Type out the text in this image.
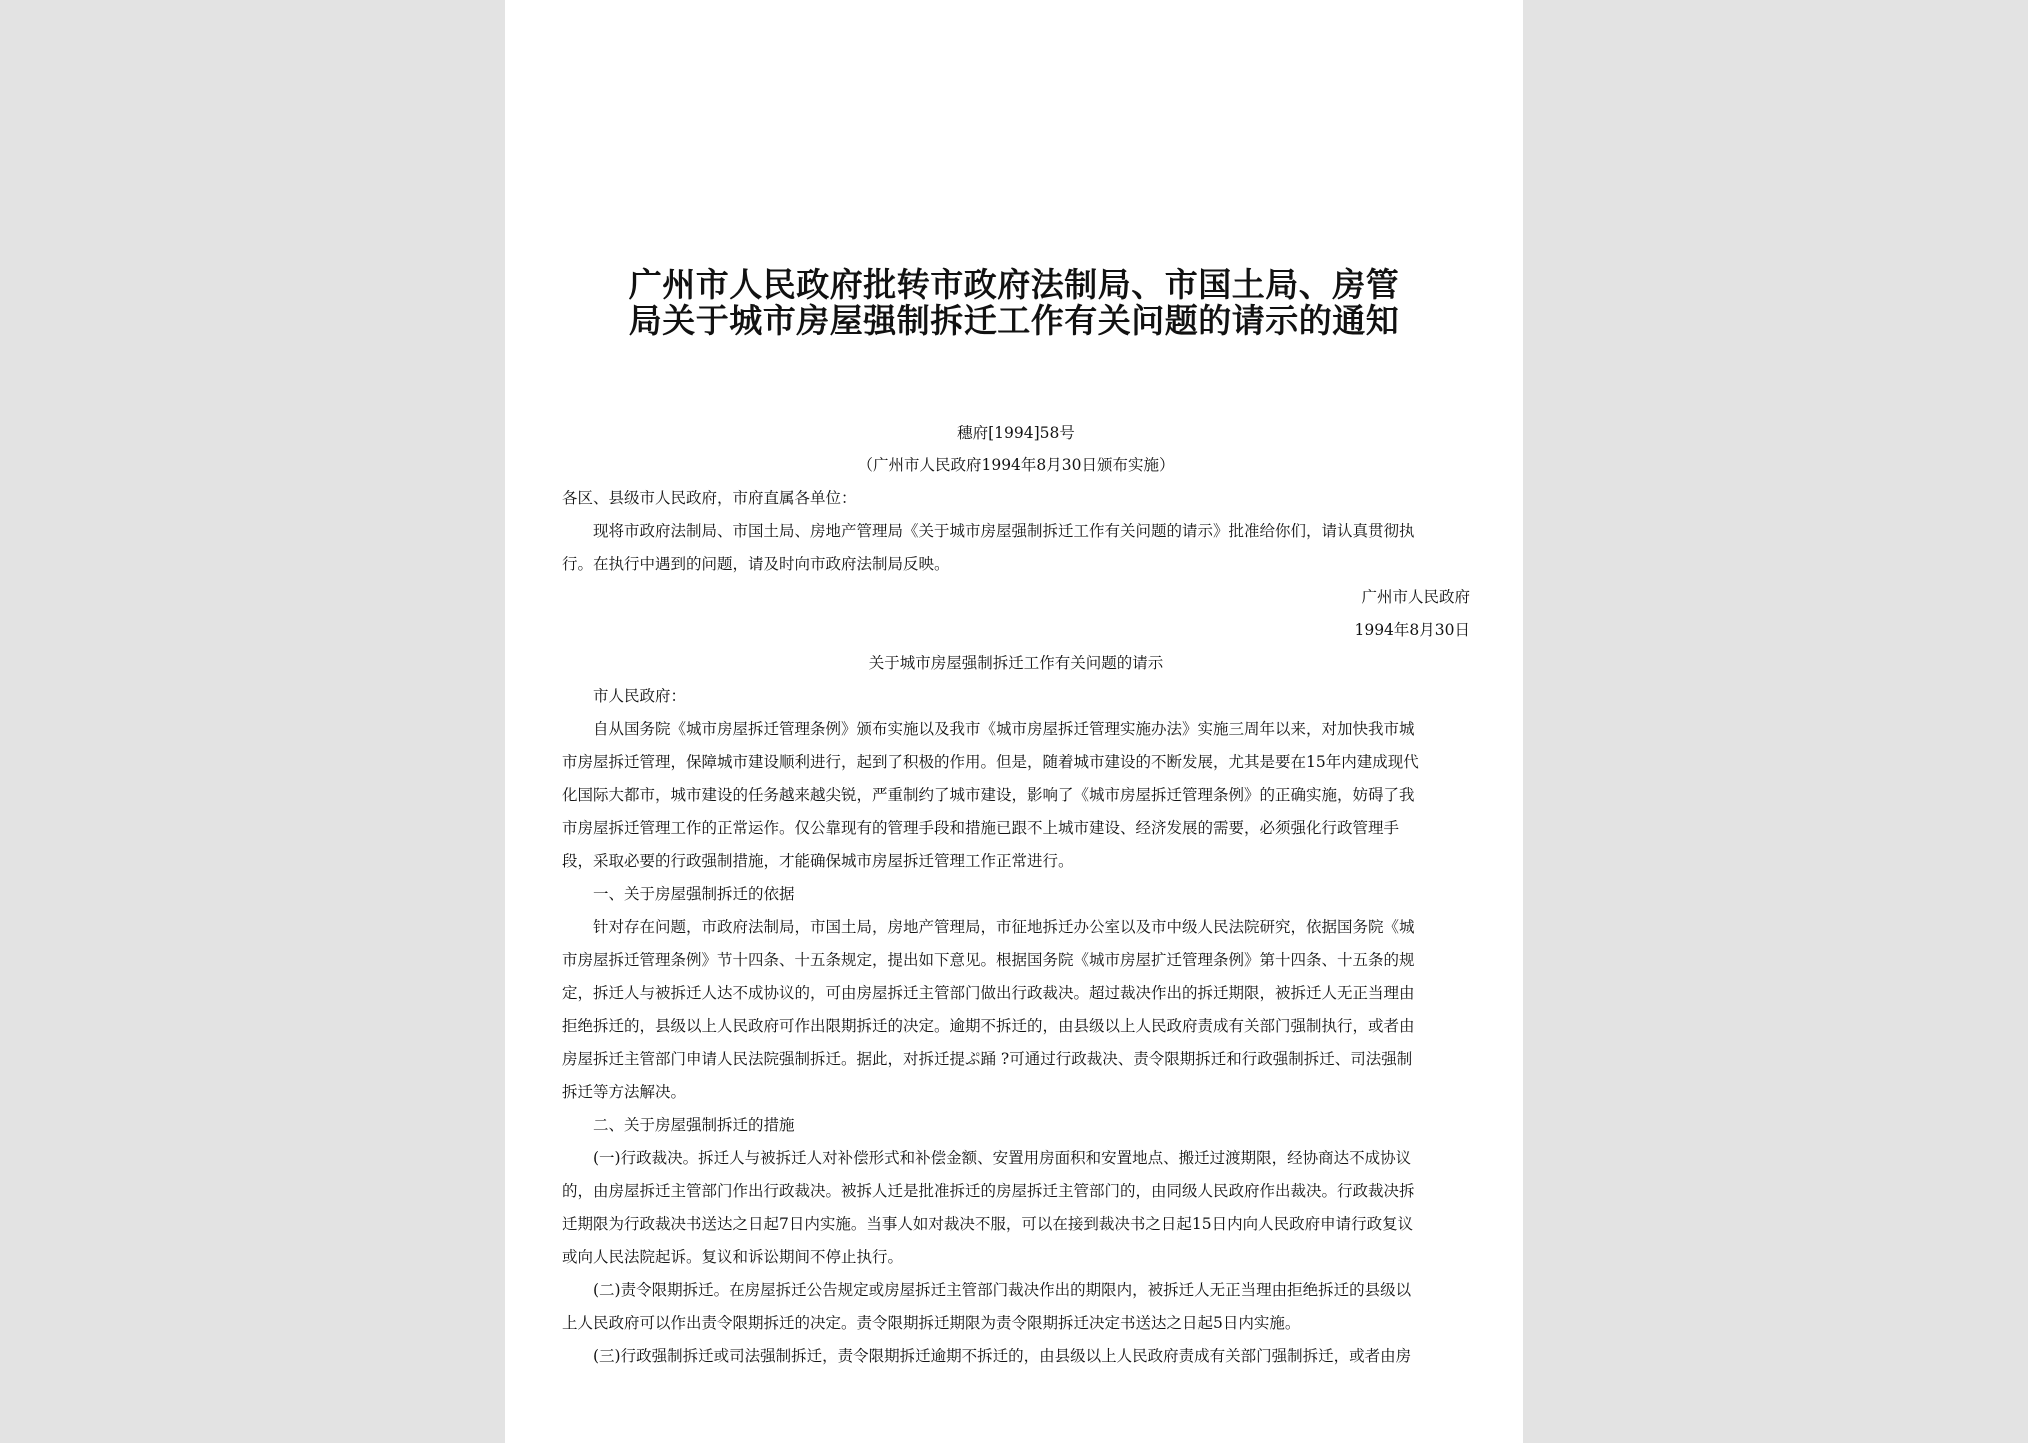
广州市人民政府批转市政府法制局、市国土局、房管
局关于城市房屋强制拆迁工作有关问题的请示的通知
穗府[1994]58号
（广州市人民政府1994年8月30日颁布实施）
各区、县级市人民政府，市府直属各单位：
现将市政府法制局、市国土局、房地产管理局《关于城市房屋强制拆迁工作有关问题的请示》批准给你们，请认真贯彻执
行。在执行中遇到的问题，请及时向市政府法制局反映。
广州市人民政府
1994年8月30日
关于城市房屋强制拆迁工作有关问题的请示
市人民政府：
自从国务院《城市房屋拆迁管理条例》颁布实施以及我市《城市房屋拆迁管理实施办法》实施三周年以来，对加快我市城
市房屋拆迁管理，保障城市建设顺利进行，起到了积极的作用。但是，随着城市建设的不断发展，尤其是要在15年内建成现代
化国际大都市，城市建设的任务越来越尖锐，严重制约了城市建设，影响了《城市房屋拆迁管理条例》的正确实施，妨碍了我
市房屋拆迁管理工作的正常运作。仅公靠现有的管理手段和措施已跟不上城市建设、经济发展的需要，必须强化行政管理手
段，采取必要的行政强制措施，才能确保城市房屋拆迁管理工作正常进行。
一、关于房屋强制拆迁的依据
针对存在问题，市政府法制局，市国土局，房地产管理局，市征地拆迁办公室以及市中级人民法院研究，依据国务院《城
市房屋拆迁管理条例》节十四条、十五条规定，提出如下意见。根据国务院《城市房屋扩迁管理条例》第十四条、十五条的规
定，拆迁人与被拆迁人达不成协议的，可由房屋拆迁主管部门做出行政裁决。超过裁决作出的拆迁期限，被拆迁人无正当理由
拒绝拆迁的，县级以上人民政府可作出限期拆迁的决定。逾期不拆迁的，由县级以上人民政府责成有关部门强制执行，或者由
房屋拆迁主管部门申请人民法院强制拆迁。据此，对拆迁提ぷ踊 ?可通过行政裁决、责令限期拆迁和行政强制拆迁、司法强制
拆迁等方法解决。
二、关于房屋强制拆迁的措施
(一)行政裁决。拆迁人与被拆迁人对补偿形式和补偿金额、安置用房面积和安置地点、搬迁过渡期限，经协商达不成协议
的，由房屋拆迁主管部门作出行政裁决。被拆人迁是批准拆迁的房屋拆迁主管部门的，由同级人民政府作出裁决。行政裁决拆
迁期限为行政裁决书送达之日起7日内实施。当事人如对裁决不服，可以在接到裁决书之日起15日内向人民政府申请行政复议
或向人民法院起诉。复议和诉讼期间不停止执行。
(二)责令限期拆迁。在房屋拆迁公告规定或房屋拆迁主管部门裁决作出的期限内，被拆迁人无正当理由拒绝拆迁的县级以
上人民政府可以作出责令限期拆迁的决定。责令限期拆迁期限为责令限期拆迁决定书送达之日起5日内实施。
(三)行政强制拆迁或司法强制拆迁，责令限期拆迁逾期不拆迁的，由县级以上人民政府责成有关部门强制拆迁，或者由房
